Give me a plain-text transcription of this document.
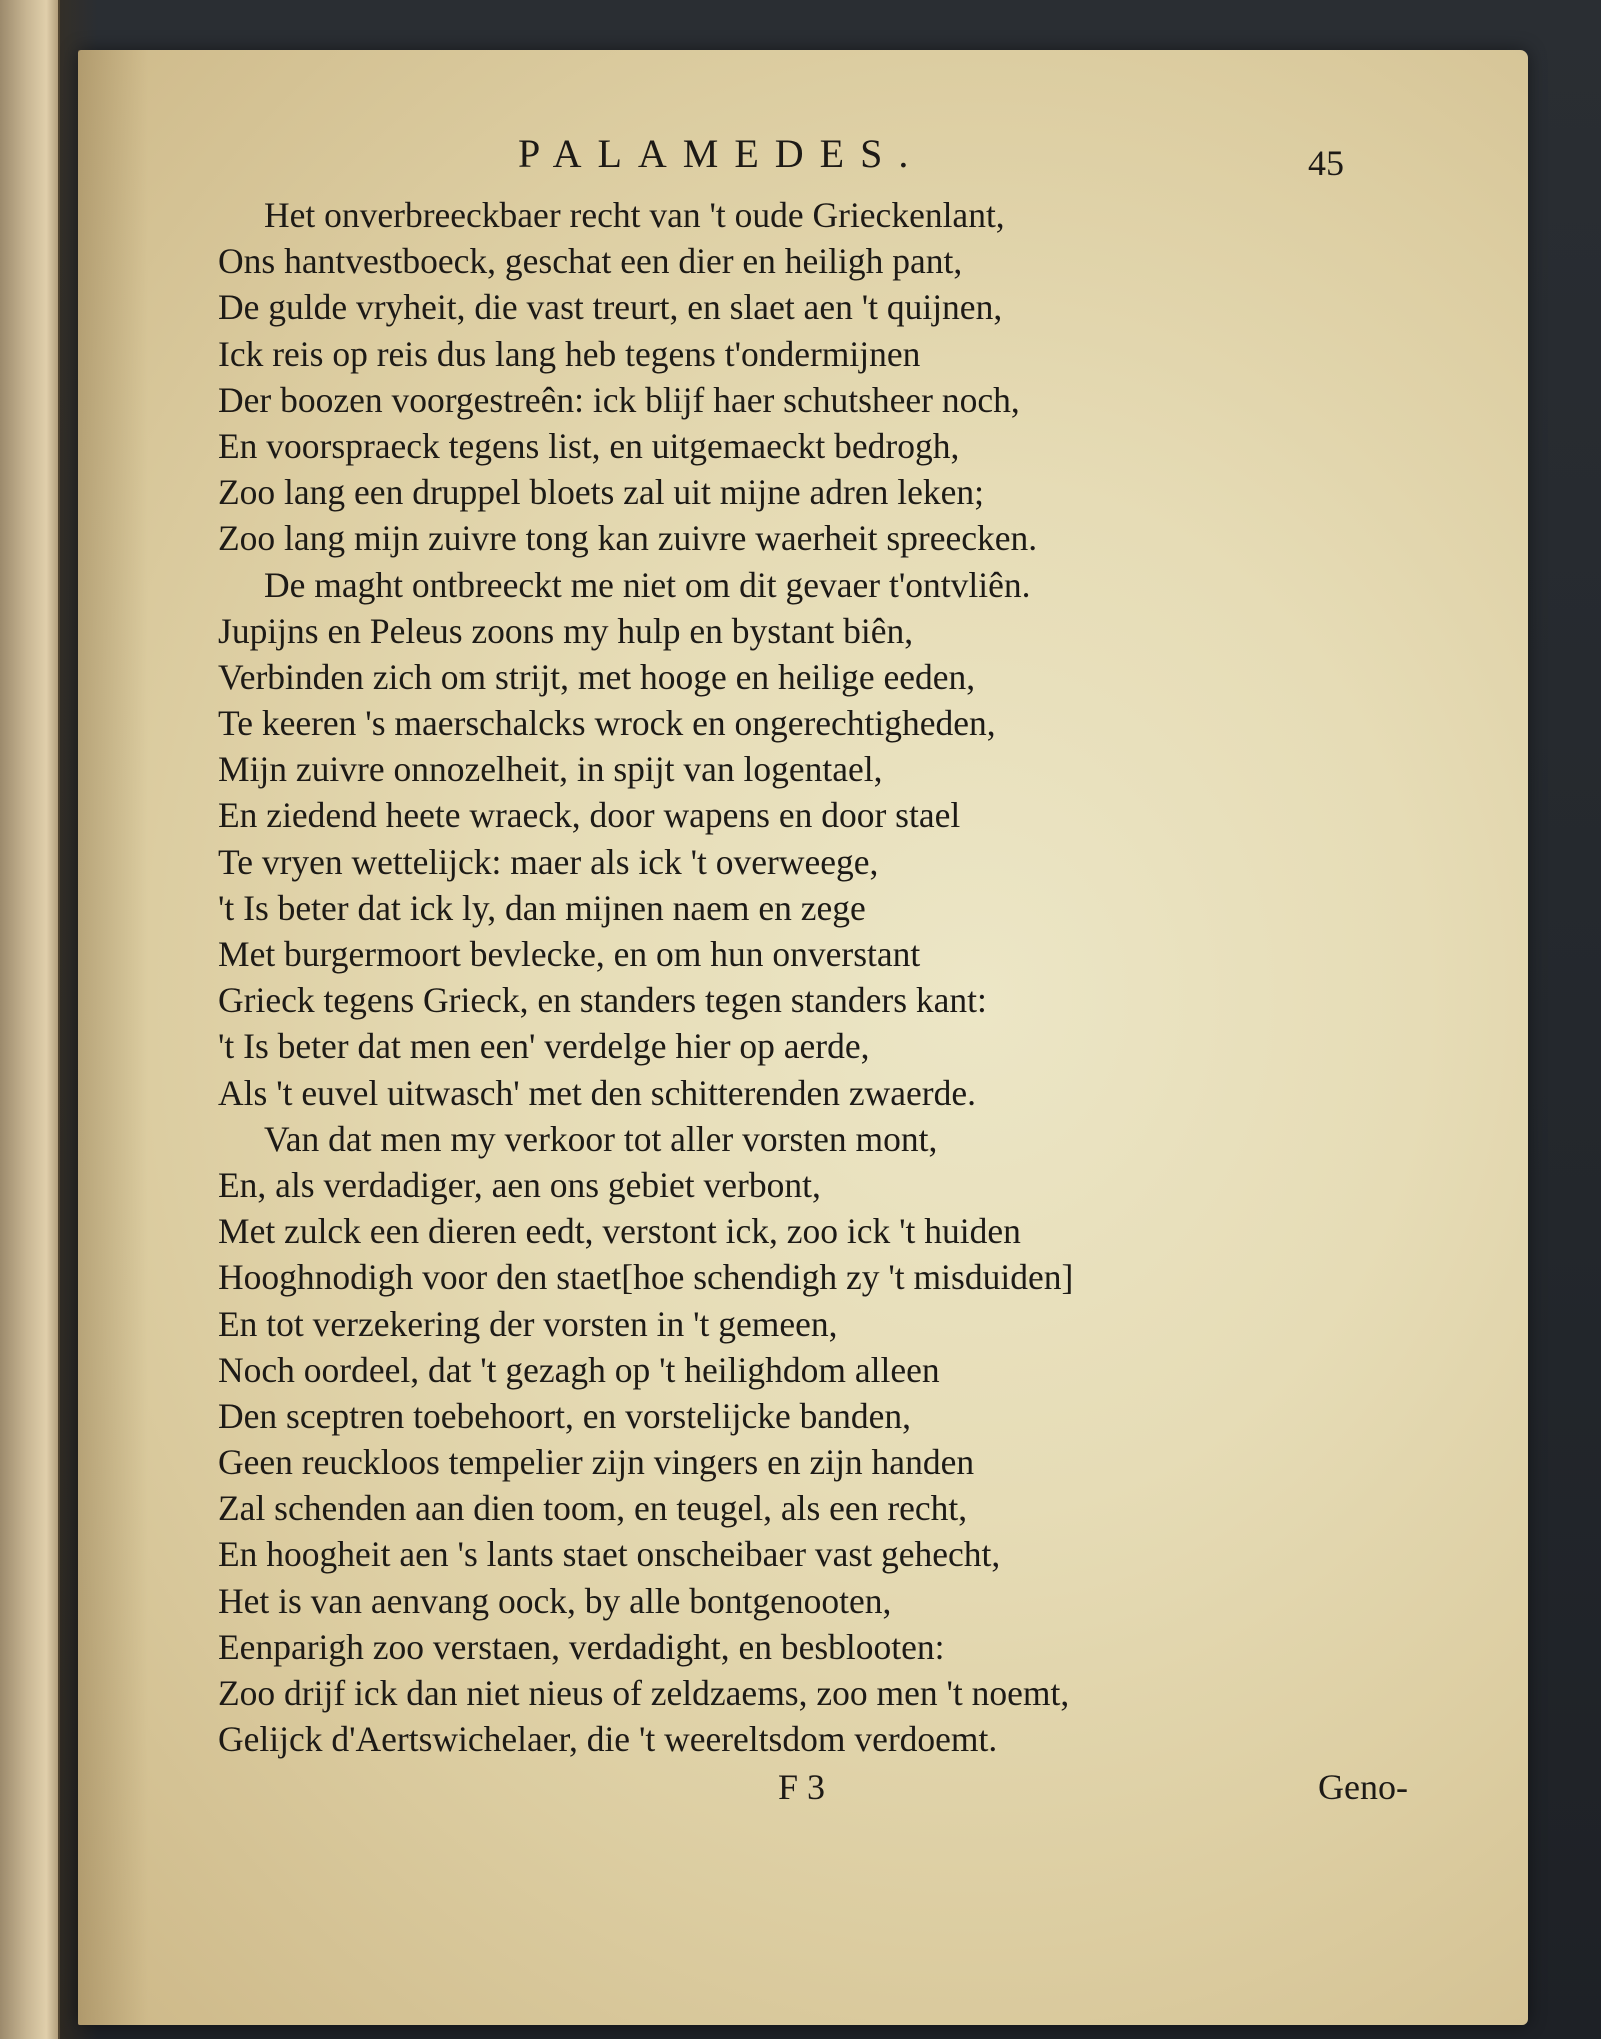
PALAMEDES.	45
Het onverbreeckbaer recht van 't oude Grieckenlant,
Ons hantvestboeck, geschat een dier en heiligh pant,
De gulde vryheit, die vast treurt, en slaet aen 't quijnen,
Ick reis op reis dus lang heb tegens t'ondermijnen
Der boozen voorgestreên: ick blijf haer schutsheer noch,
En voorspraeck tegens list, en uitgemaeckt bedrogh,
Zoo lang een druppel bloets zal uit mijne adren leken;
Zoo lang mijn zuivre tong kan zuivre waerheit spreecken.
De maght ontbreeckt me niet om dit gevaer t'ontvliên.
Jupijns en Peleus zoons my hulp en bystant biên,
Verbinden zich om strijt, met hooge en heilige eeden,
Te keeren 's maerschalcks wrock en ongerechtigheden,
Mijn zuivre onnozelheit, in spijt van logentael,
En ziedend heete wraeck, door wapens en door stael
Te vryen wettelijck: maer als ick 't overweege,
't Is beter dat ick ly, dan mijnen naem en zege
Met burgermoort bevlecke, en om hun onverstant
Grieck tegens Grieck, en standers tegen standers kant:
't Is beter dat men een' verdelge hier op aerde,
Als 't euvel uitwasch' met den schitterenden zwaerde.
Van dat men my verkoor tot aller vorsten mont,
En, als verdadiger, aen ons gebiet verbont,
Met zulck een dieren eedt, verstont ick, zoo ick 't huiden
Hooghnodigh voor den staet[hoe schendigh zy 't misduiden]
En tot verzekering der vorsten in 't gemeen,
Noch oordeel, dat 't gezagh op 't heilighdom alleen
Den sceptren toebehoort, en vorstelijcke banden,
Geen reuckloos tempelier zijn vingers en zijn handen
Zal schenden aan dien toom, en teugel, als een recht,
En hoogheit aen 's lants staet onscheibaer vast gehecht,
Het is van aenvang oock, by alle bontgenooten,
Eenparigh zoo verstaen, verdadight, en besblooten:
Zoo drijf ick dan niet nieus of zeldzaems, zoo men 't noemt,
Gelijck d'Aertswichelaer, die 't weereltsdom verdoemt.
F 3	Geno-
